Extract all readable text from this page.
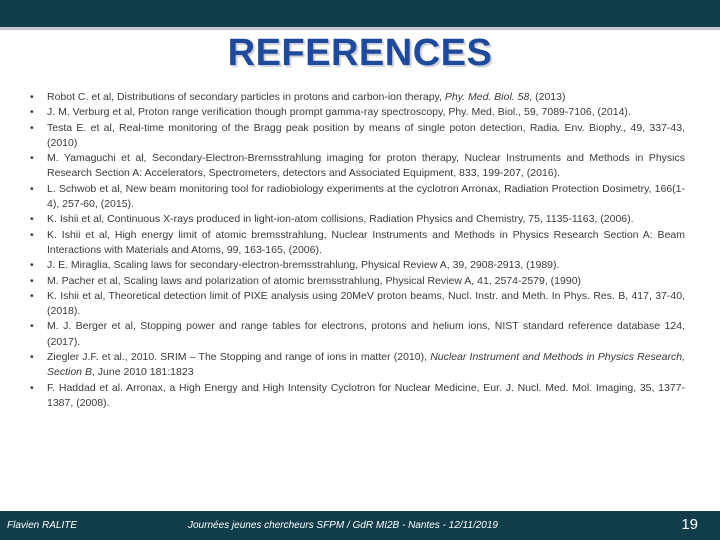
REFERENCES
•	Robot C. et al, Distributions of secondary particles in protons and carbon-ion therapy, Phy. Med. Biol. 58, (2013)
•	J. M. Verburg et al, Proton range verification though prompt gamma-ray spectroscopy, Phy. Med. Biol., 59, 7089-7106, (2014).
•	Testa E. et al, Real-time monitoring of the Bragg peak position by means of single poton detection, Radia. Env. Biophy., 49, 337-43, (2010)
•	M. Yamaguchi et al, Secondary-Electron-Bremsstrahlung imaging for proton therapy, Nuclear Instruments and Methods in Physics Research Section A: Accelerators, Spectrometers, detectors and Associated Equipment, 833, 199-207, (2016).
•	L. Schwob et al, New beam monitoring tool for radiobiology experiments at the cyclotron Arronax, Radiation Protection Dosimetry, 166(1-4), 257-60, (2015).
•	K. Ishii et al, Continuous X-rays produced in light-ion-atom collisions, Radiation Physics and Chemistry, 75, 1135-1163, (2006).
•	K. Ishii et al, High energy limit of atomic bremsstrahlung, Nuclear Instruments and Methods in Physics Research Section A: Beam Interactions with Materials and Atoms, 99, 163-165, (2006).
•	J. E. Miraglia, Scaling laws for secondary-electron-bremsstrahlung, Physical Review A, 39, 2908-2913, (1989).
•	M. Pacher et al, Scaling laws and polarization of atomic bremsstrahlung, Physical Review A, 41, 2574-2579, (1990)
•	K. Ishii et al, Theoretical detection limit of PIXE analysis using 20MeV proton beams, Nucl. Instr. and Meth. In Phys. Res. B, 417, 37-40, (2018).
•	M. J. Berger et al, Stopping power and range tables for electrons, protons and helium ions, NIST standard reference database 124, (2017).
•	Ziegler J.F. et al., 2010. SRIM – The Stopping and range of ions in matter (2010), Nuclear Instrument and Methods in Physics Research, Section B, June 2010 181:1823
•	F. Haddad et al. Arronax, a High Energy and High Intensity Cyclotron for Nuclear Medicine, Eur. J. Nucl. Med. Mol. Imaging, 35, 1377-1387, (2008).
Flavien RALITE	Journées jeunes chercheurs SFPM / GdR MI2B - Nantes - 12/11/2019	19
